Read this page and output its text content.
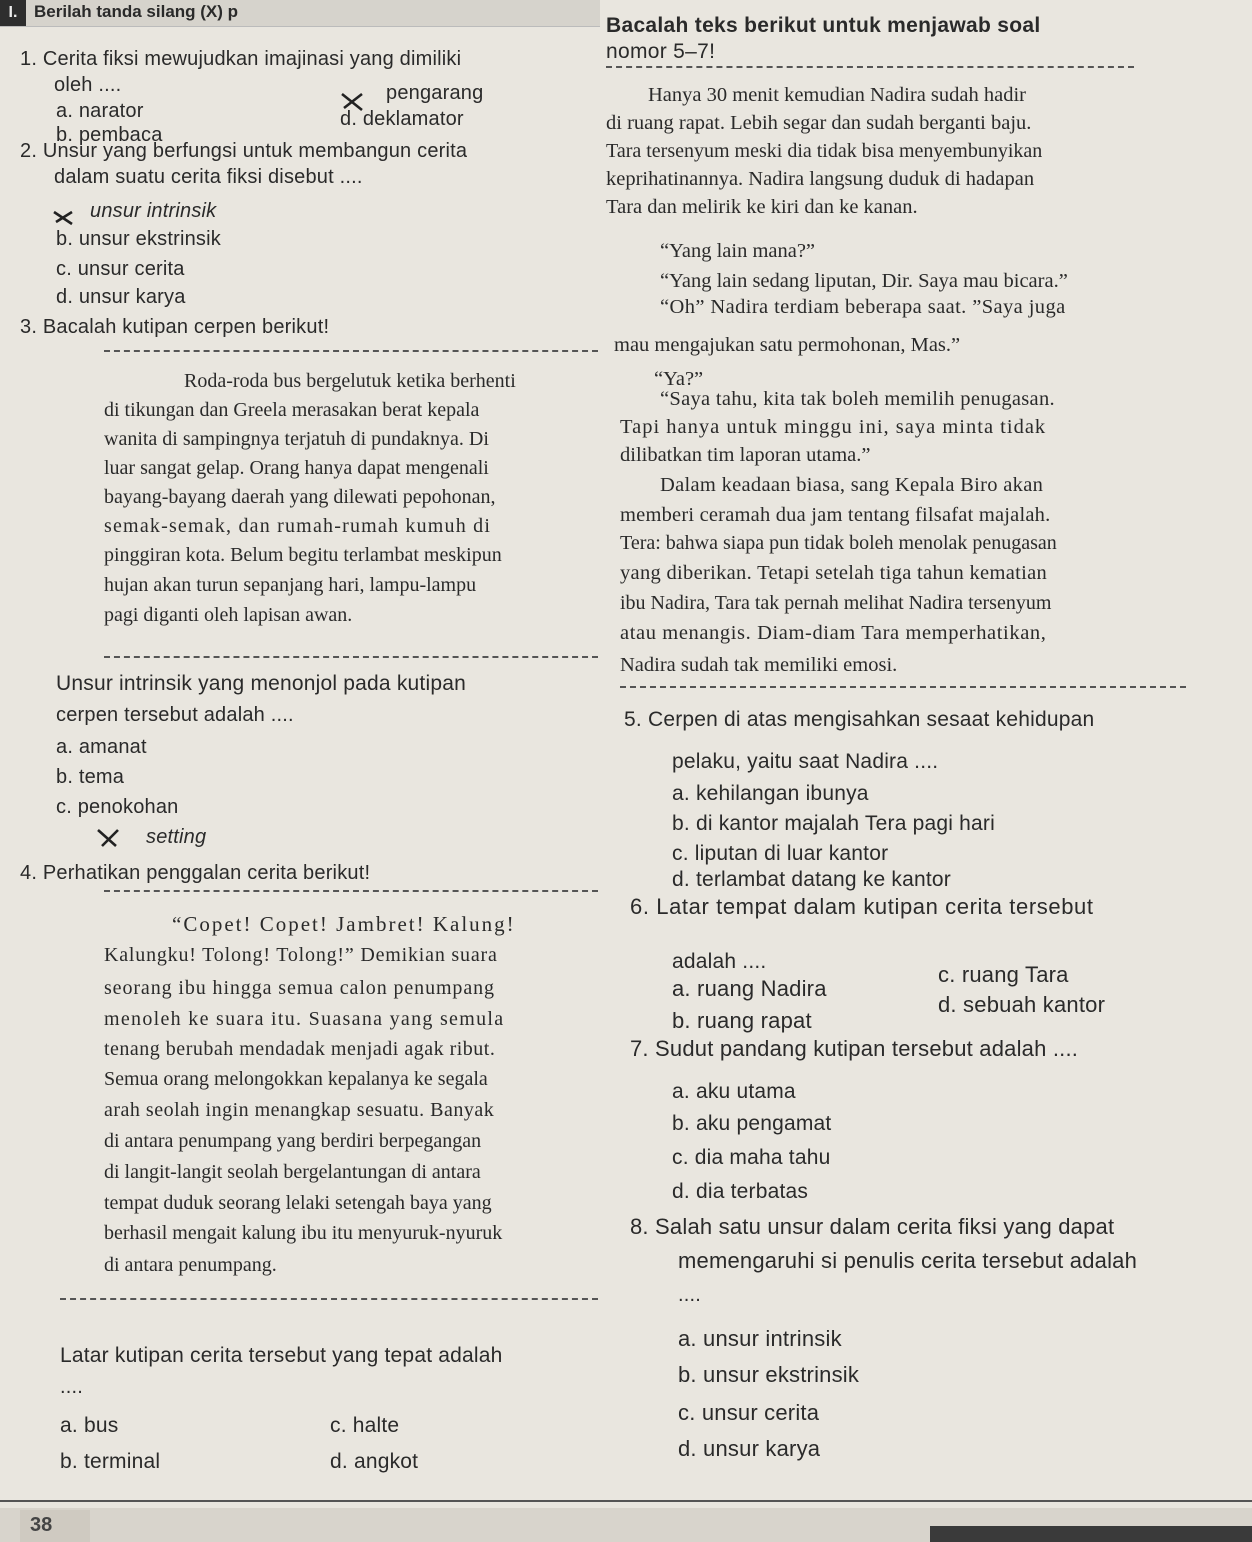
I. Berilah tanda silang (X) p
1. Cerita fiksi mewujudkan imajinasi yang dimiliki
oleh ....
a. narator
b. pembaca
pengarang
d. deklamator
2. Unsur yang berfungsi untuk membangun cerita
dalam suatu cerita fiksi disebut ....
unsur intrinsik
b. unsur ekstrinsik
c. unsur cerita
d. unsur karya
3. Bacalah kutipan cerpen berikut!
Roda-roda bus bergelutuk ketika berhenti
di tikungan dan Greela merasakan berat kepala
wanita di sampingnya terjatuh di pundaknya. Di
luar sangat gelap. Orang hanya dapat mengenali
bayang-bayang daerah yang dilewati pepohonan,
semak-semak, dan rumah-rumah kumuh di
pinggiran kota. Belum begitu terlambat meskipun
hujan akan turun sepanjang hari, lampu-lampu
pagi diganti oleh lapisan awan.
Unsur intrinsik yang menonjol pada kutipan
cerpen tersebut adalah ....
a. amanat
b. tema
c. penokohan
setting
4. Perhatikan penggalan cerita berikut!
“Copet! Copet! Jambret! Kalung!
Kalungku! Tolong! Tolong!” Demikian suara
seorang ibu hingga semua calon penumpang
menoleh ke suara itu. Suasana yang semula
tenang berubah mendadak menjadi agak ribut.
Semua orang melongokkan kepalanya ke segala
arah seolah ingin menangkap sesuatu. Banyak
di antara penumpang yang berdiri berpegangan
di langit-langit seolah bergelantungan di antara
tempat duduk seorang lelaki setengah baya yang
berhasil mengait kalung ibu itu menyuruk-nyuruk
di antara penumpang.
Latar kutipan cerita tersebut yang tepat adalah
....
a. bus
b. terminal
c. halte
d. angkot
Bacalah teks berikut untuk menjawab soal
nomor 5–7!
Hanya 30 menit kemudian Nadira sudah hadir
di ruang rapat. Lebih segar dan sudah berganti baju.
Tara tersenyum meski dia tidak bisa menyembunyikan
keprihatinannya. Nadira langsung duduk di hadapan
Tara dan melirik ke kiri dan ke kanan.
“Yang lain mana?”
“Yang lain sedang liputan, Dir. Saya mau bicara.”
“Oh” Nadira terdiam beberapa saat. ”Saya juga
mau mengajukan satu permohonan, Mas.”
“Ya?”
“Saya tahu, kita tak boleh memilih penugasan.
Tapi hanya untuk minggu ini, saya minta tidak
dilibatkan tim laporan utama.”
Dalam keadaan biasa, sang Kepala Biro akan
memberi ceramah dua jam tentang filsafat majalah.
Tera: bahwa siapa pun tidak boleh menolak penugasan
yang diberikan. Tetapi setelah tiga tahun kematian
ibu Nadira, Tara tak pernah melihat Nadira tersenyum
atau menangis. Diam-diam Tara memperhatikan,
Nadira sudah tak memiliki emosi.
5. Cerpen di atas mengisahkan sesaat kehidupan
pelaku, yaitu saat Nadira ....
a. kehilangan ibunya
b. di kantor majalah Tera pagi hari
c. liputan di luar kantor
d. terlambat datang ke kantor
6. Latar tempat dalam kutipan cerita tersebut
adalah ....
a. ruang Nadira
b. ruang rapat
c. ruang Tara
d. sebuah kantor
7. Sudut pandang kutipan tersebut adalah ....
a. aku utama
b. aku pengamat
c. dia maha tahu
d. dia terbatas
8. Salah satu unsur dalam cerita fiksi yang dapat
memengaruhi si penulis cerita tersebut adalah
....
a. unsur intrinsik
b. unsur ekstrinsik
c. unsur cerita
d. unsur karya
38
